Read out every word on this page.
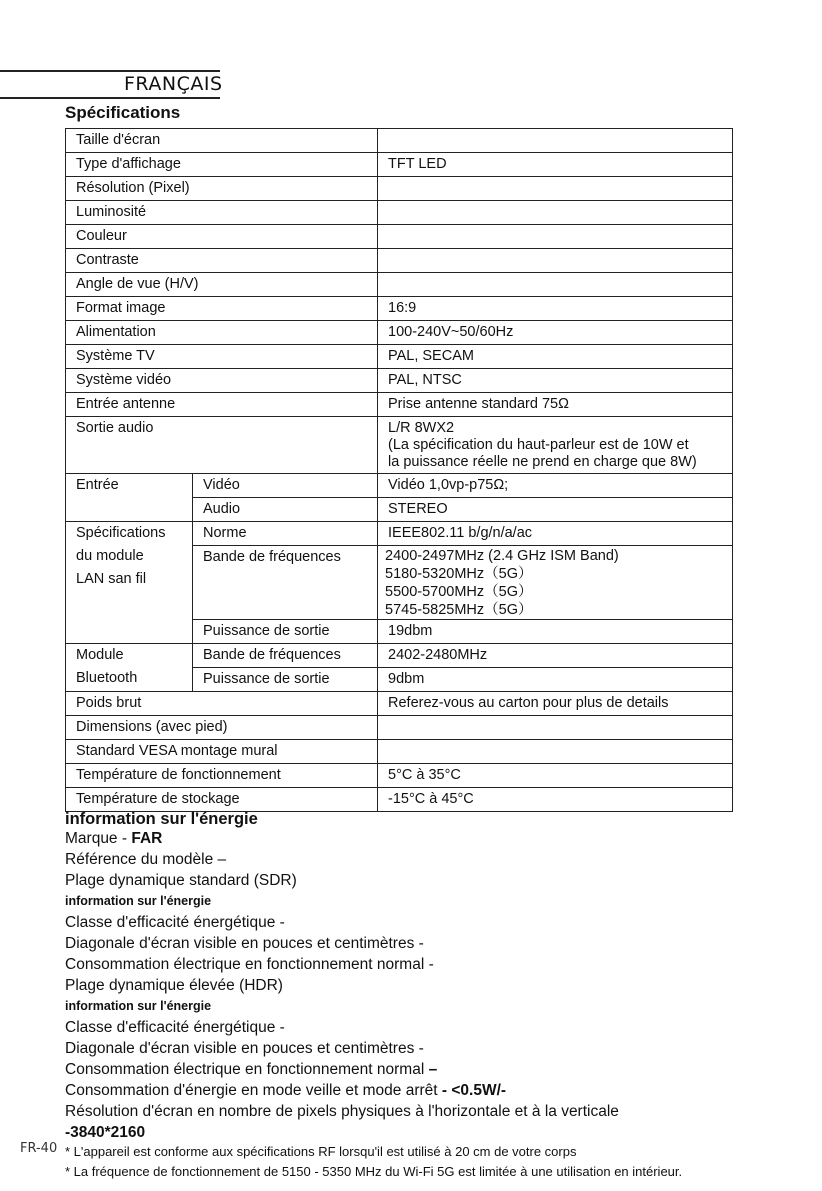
FRANÇAIS
Spécifications
Taille d'écran		
Type d'affichage		TFT LED
Résolution (Pixel)		
Luminosité		
Couleur		
Contraste		
Angle de vue (H/V)		
Format image		16:9
Alimentation		100-240V~50/60Hz
Système TV		PAL, SECAM
Système vidéo		PAL, NTSC
Entrée antenne		Prise antenne standard 75Ω
Sortie audio		L/R 8WX2
(La spécification du haut-parleur est de 10W et
la puissance réelle ne prend en charge que 8W)

Entrée	Vidéo	Vidéo 1,0vp-p75Ω;
	Audio	STEREO

Spécifications
du module
LAN san fil	Norme	IEEE802.11 b/g/n/a/ac
	Bande de fréquences	2400-2497MHz (2.4 GHz ISM Band)
5180-5320MHz（5G）
5500-5700MHz（5G）
5745-5825MHz（5G）

	Puissance de sortie	19dbm

Module
Bluetooth	Bande de fréquences	2402-2480MHz
	Puissance de sortie	9dbm
Poids brut		Referez-vous au carton pour plus de details
Dimensions (avec pied)		
Standard VESA montage mural		
Température de fonctionnement		5°C à 35°C
Température de stockage		-15°C à 45°C
information sur l'énergie
Marque - FAR
Référence du modèle –
Plage dynamique standard (SDR)
information sur l'énergie
Classe d'efficacité énergétique -
Diagonale d'écran visible en pouces et centimètres -
Consommation électrique en fonctionnement normal -
Plage dynamique élevée (HDR)
information sur l'énergie
Classe d'efficacité énergétique -
Diagonale d'écran visible en pouces et centimètres -
Consommation électrique en fonctionnement normal –
Consommation d'énergie en mode veille et mode arrêt - <0.5W/-
Résolution d'écran en nombre de pixels physiques à l'horizontale et à la verticale
-3840*2160
FR-40 * L'appareil est conforme aux spécifications RF lorsqu'il est utilisé à 20 cm de votre corps
* La fréquence de fonctionnement de 5150 - 5350 MHz du Wi-Fi 5G est limitée à une utilisation en intérieur.
